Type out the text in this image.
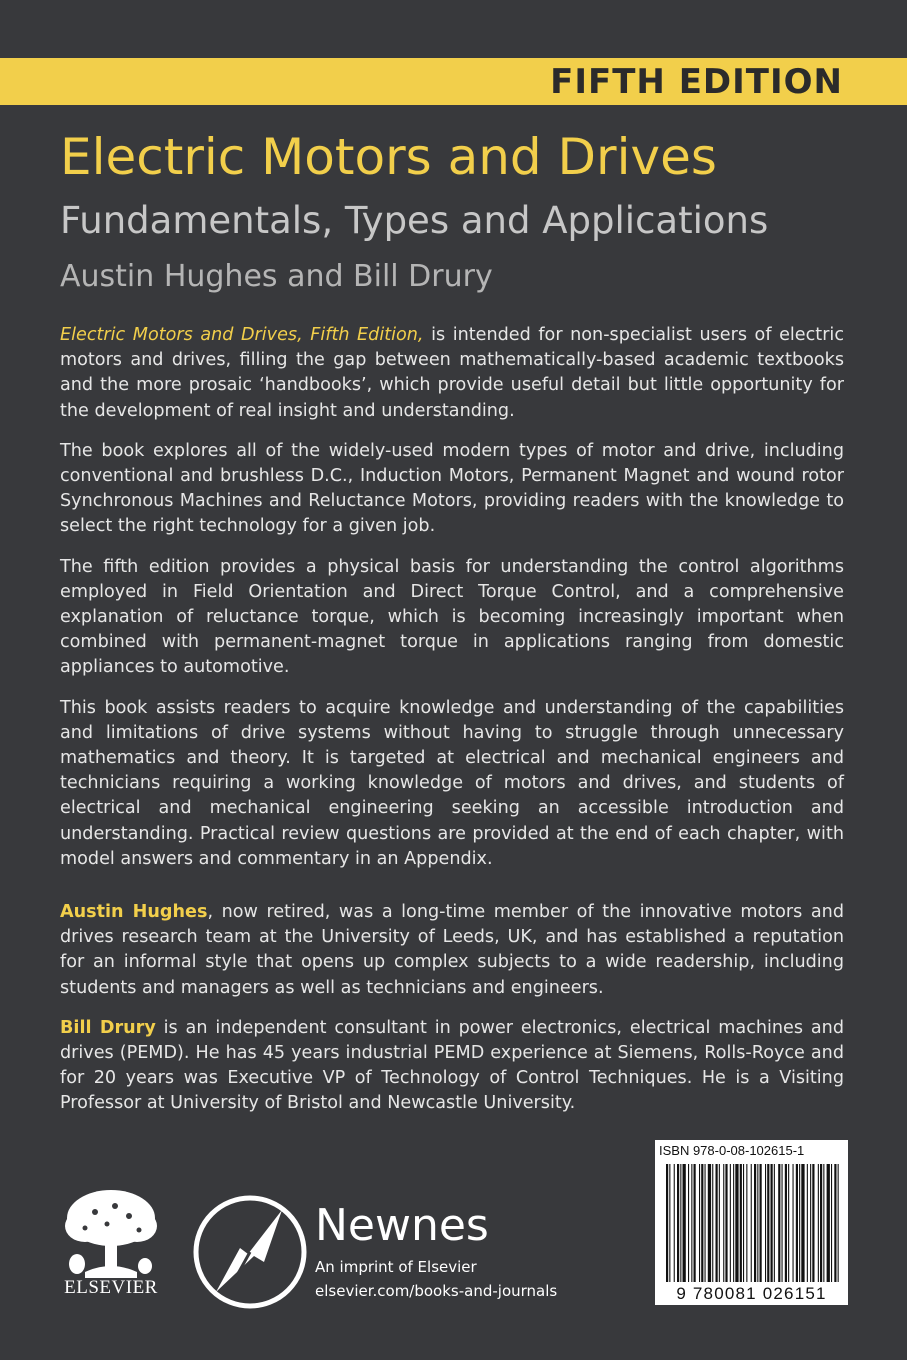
FIFTH EDITION
Electric Motors and Drives
Fundamentals, Types and Applications
Austin Hughes and Bill Drury

Electric Motors and Drives, Fifth Edition, is intended for non-specialist users of electric motors and drives, filling the gap between mathematically-based academic textbooks and the more prosaic ‘handbooks’, which provide useful detail but little opportunity for the development of real insight and understanding.

The book explores all of the widely-used modern types of motor and drive, including conventional and brushless D.C., Induction Motors, Permanent Magnet and wound rotor Synchronous Machines and Reluctance Motors, providing readers with the knowledge to select the right technology for a given job.

The fifth edition provides a physical basis for understanding the control algorithms employed in Field Orientation and Direct Torque Control, and a comprehensive explanation of reluctance torque, which is becoming increasingly important when combined with permanent-magnet torque in applications ranging from domestic appliances to automotive.

This book assists readers to acquire knowledge and understanding of the capabilities and limitations of drive systems without having to struggle through unnecessary mathematics and theory. It is targeted at electrical and mechanical engineers and technicians requiring a working knowledge of motors and drives, and students of electrical and mechanical engineering seeking an accessible introduction and understanding. Practical review questions are provided at the end of each chapter, with model answers and commentary in an Appendix.

Austin Hughes, now retired, was a long-time member of the innovative motors and drives research team at the University of Leeds, UK, and has established a reputation for an informal style that opens up complex subjects to a wide readership, including students and managers as well as technicians and engineers.

Bill Drury is an independent consultant in power electronics, electrical machines and drives (PEMD). He has 45 years industrial PEMD experience at Siemens, Rolls-Royce and for 20 years was Executive VP of Technology of Control Techniques. He is a Visiting Professor at University of Bristol and Newcastle University.

ELSEVIER
Newnes
An imprint of Elsevier
elsevier.com/books-and-journals
ISBN 978-0-08-102615-1
9 780081 026151
